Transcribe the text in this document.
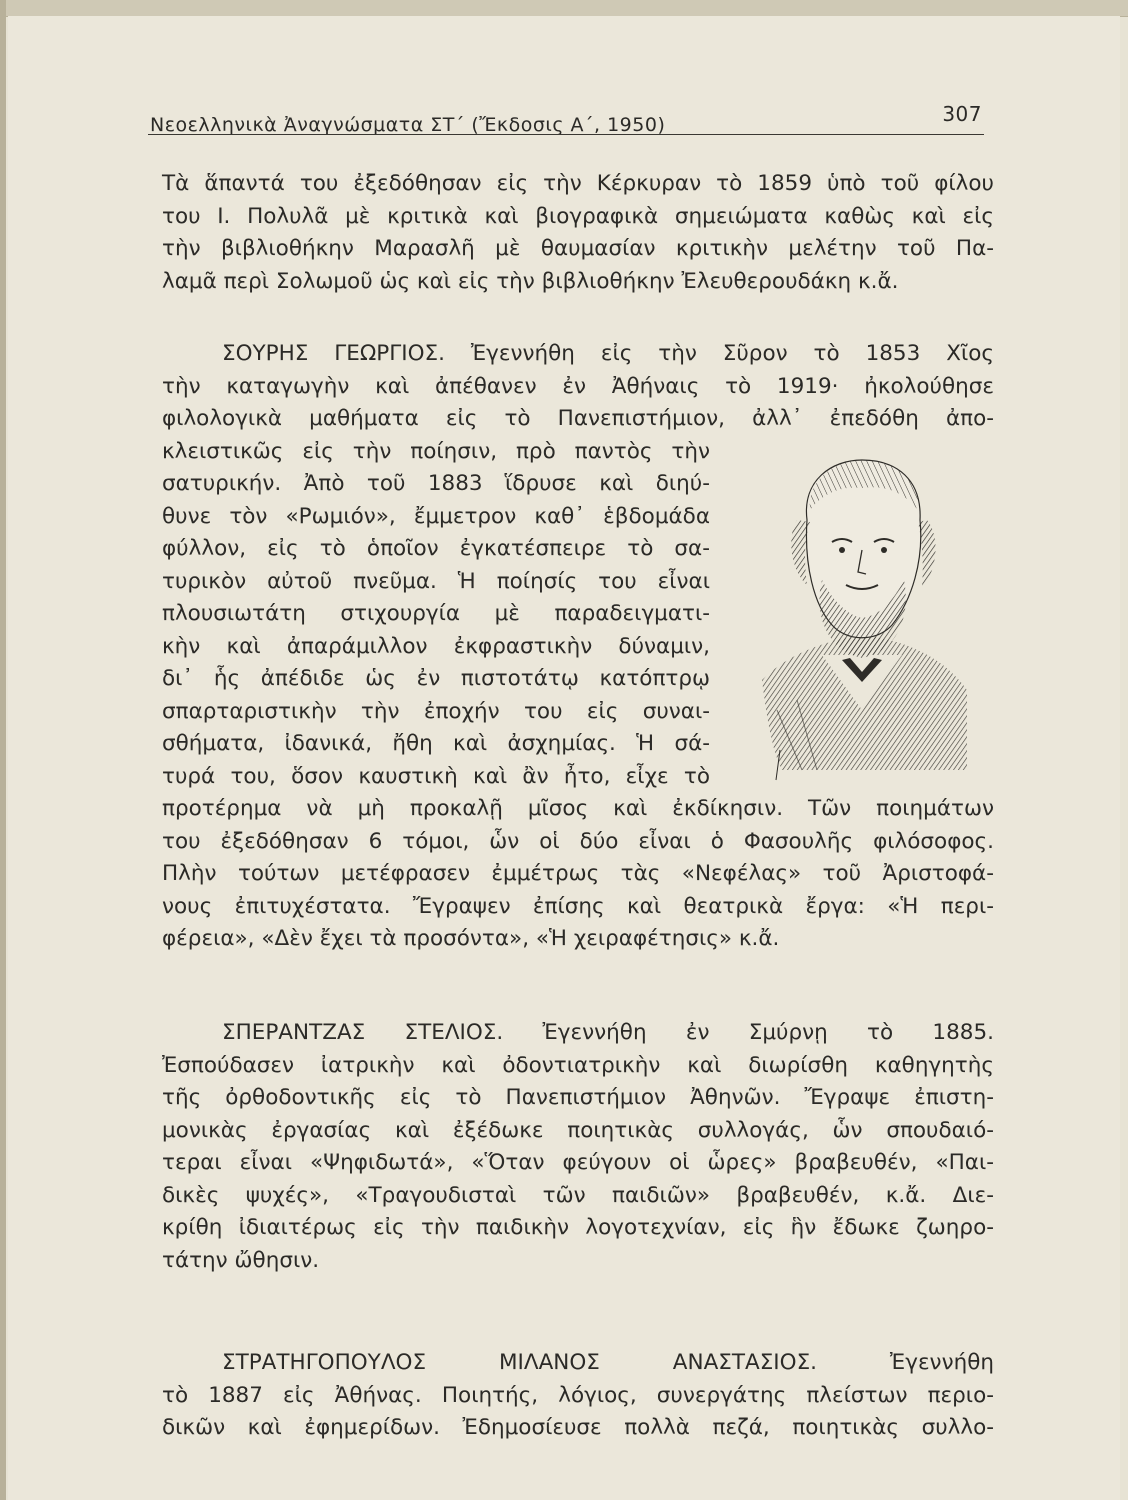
Νεοελληνικὰ Ἀναγνώσματα ΣΤ΄ (Ἔκδοσις Α΄, 1950)	307
Τὰ ἅπαντά του ἐξεδόθησαν εἰς τὴν Κέρκυραν τὸ 1859 ὑπὸ τοῦ φίλου
του Ι. Πολυλᾶ μὲ κριτικὰ καὶ βιογραφικὰ σημειώματα καθὼς καὶ εἰς
τὴν βιβλιοθήκην Μαρασλῆ μὲ θαυμασίαν κριτικὴν μελέτην τοῦ Πα-
λαμᾶ περὶ Σολωμοῦ ὡς καὶ εἰς τὴν βιβλιοθήκην Ἐλευθερουδάκη κ.ἄ.
ΣΟΥΡΗΣ ΓΕΩΡΓΙΟΣ. Ἐγεννήθη εἰς τὴν Σῦρον τὸ 1853 Χῖος
τὴν καταγωγὴν καὶ ἀπέθανεν ἐν Ἀθήναις τὸ 1919· ἠκολούθησε
φιλολογικὰ μαθήματα εἰς τὸ Πανεπιστήμιον, ἀλλ᾽ ἐπεδόθη ἀπο-
κλειστικῶς εἰς τὴν ποίησιν, πρὸ παντὸς τὴν
σατυρικήν. Ἀπὸ τοῦ 1883 ἵδρυσε καὶ διηύ-
θυνε τὸν «Ρωμιόν», ἔμμετρον καθ᾽ ἑβδομάδα
φύλλον, εἰς τὸ ὁποῖον ἐγκατέσπειρε τὸ σα-
τυρικὸν αὐτοῦ πνεῦμα. Ἡ ποίησίς του εἶναι
πλουσιωτάτη στιχουργία μὲ παραδειγματι-
κὴν καὶ ἀπαράμιλλον ἐκφραστικὴν δύναμιν,
δι᾽ ἧς ἀπέδιδε ὡς ἐν πιστοτάτῳ κατόπτρῳ
σπαρταριστικὴν τὴν ἐποχήν του εἰς συναι-
σθήματα, ἰδανικά, ἤθη καὶ ἀσχημίας. Ἡ σά-
τυρά του, ὅσον καυστικὴ καὶ ἂν ἦτο, εἶχε τὸ
προτέρημα νὰ μὴ προκαλῇ μῖσος καὶ ἐκδίκησιν. Τῶν ποιημάτων
του ἐξεδόθησαν 6 τόμοι, ὧν οἱ δύο εἶναι ὁ Φασουλῆς φιλόσοφος.
Πλὴν τούτων μετέφρασεν ἐμμέτρως τὰς «Νεφέλας» τοῦ Ἀριστοφά-
νους ἐπιτυχέστατα. Ἔγραψεν ἐπίσης καὶ θεατρικὰ ἔργα: «Ἡ περι-
φέρεια», «Δὲν ἔχει τὰ προσόντα», «Ἡ χειραφέτησις» κ.ἄ.
ΣΠΕΡΑΝΤΖΑΣ ΣΤΕΛΙΟΣ. Ἐγεννήθη ἐν Σμύρνῃ τὸ 1885.
Ἐσπούδασεν ἰατρικὴν καὶ ὀδοντιατρικὴν καὶ διωρίσθη καθηγητὴς
τῆς ὀρθοδοντικῆς εἰς τὸ Πανεπιστήμιον Ἀθηνῶν. Ἔγραψε ἐπιστη-
μονικὰς ἐργασίας καὶ ἐξέδωκε ποιητικὰς συλλογάς, ὧν σπουδαιό-
τεραι εἶναι «Ψηφιδωτά», «Ὅταν φεύγουν οἱ ὧρες» βραβευθέν, «Παι-
δικὲς ψυχές», «Τραγουδισταὶ τῶν παιδιῶν» βραβευθέν, κ.ἄ. Διε-
κρίθη ἰδιαιτέρως εἰς τὴν παιδικὴν λογοτεχνίαν, εἰς ἣν ἔδωκε ζωηρο-
τάτην ὤθησιν.
ΣΤΡΑΤΗΓΟΠΟΥΛΟΣ ΜΙΛΑΝΟΣ ΑΝΑΣΤΑΣΙΟΣ. Ἐγεννήθη
τὸ 1887 εἰς Ἀθήνας. Ποιητής, λόγιος, συνεργάτης πλείστων περιο-
δικῶν καὶ ἐφημερίδων. Ἐδημοσίευσε πολλὰ πεζά, ποιητικὰς συλλο-
